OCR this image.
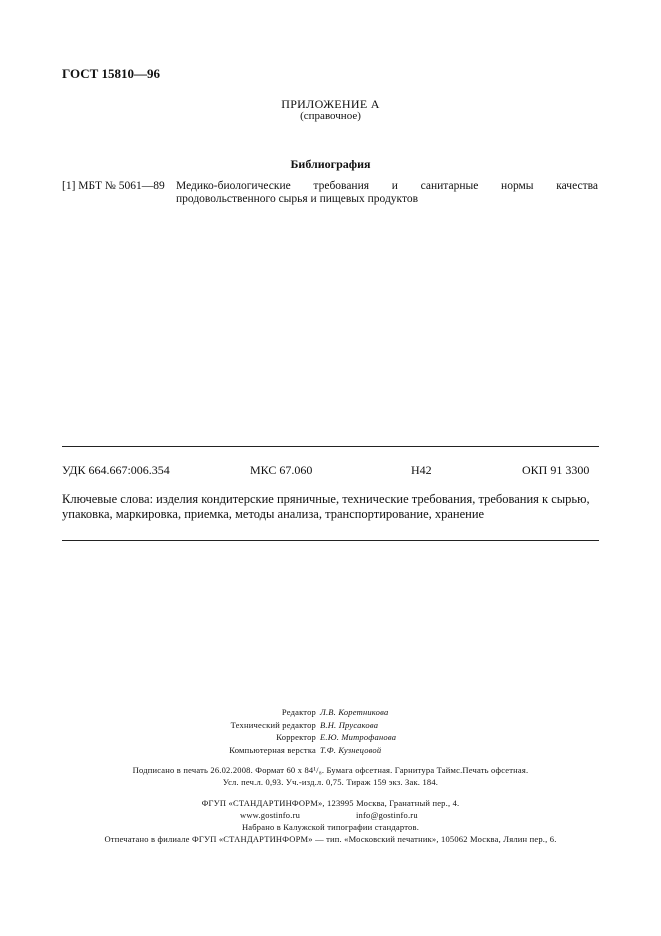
ГОСТ 15810—96
ПРИЛОЖЕНИЕ А
(справочное)
Библиография
[1] МБТ № 5061—89 Медико-биологические требования и санитарные нормы качества продовольственного сырья и пищевых продуктов
УДК 664.667:006.354	МКС 67.060	Н42	ОКП 91 3300
Ключевые слова: изделия кондитерские пряничные, технические требования, требования к сырью,
упаковка, маркировка, приемка, методы анализа, транспортирование, хранение
Редактор Л.В. Коретникова
Технический редактор В.Н. Прусакова
Корректор Е.Ю. Митрофанова
Компьютерная верстка Т.Ф. Кузнецовой
Подписано в печать 26.02.2008. Формат 60 x 84¹/₈. Бумага офсетная. Гарнитура Таймс.Печать офсетная.
Усл. печ.л. 0,93. Уч.-изд.л. 0,75. Тираж 159 экз. Зак. 184.
ФГУП «СТАНДАРТИНФОРМ», 123995 Москва, Гранатный пер., 4.
www.gostinfo.ru	info@gostinfo.ru
Набрано в Калужской типографии стандартов.
Отпечатано в филиале ФГУП «СТАНДАРТИНФОРМ» — тип. «Московский печатник», 105062 Москва, Лялин пер., 6.
